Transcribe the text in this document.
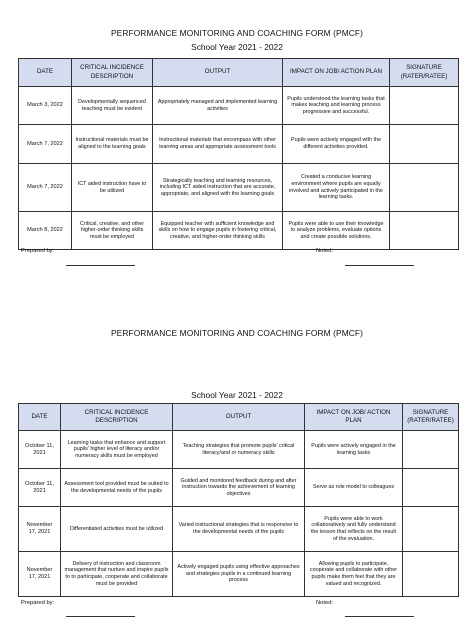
PERFORMANCE MONITORING AND COACHING FORM (PMCF)
School Year 2021 - 2022
DATE	CRITICAL INCIDENCE DESCRIPTION	OUTPUT	IMPACT ON JOB/ ACTION PLAN	SIGNATURE (RATER/RATEE)
March 3, 2022	Developmentally sequenced teaching must be evident	Appropriately managed and implemented learning activities	Pupils understood the learning tasks that makes teaching and learning process progressive and successful.	
March 7, 2022	Instructional materials must be aligned to the learning goals	Instructional materials that encompass with other learning areas and appropriate assessment tools	Pupils were actively engaged with the different activities provided.	
March 7, 2022	ICT aided instruction have to be utilized	Strategically teaching and learning resources, including ICT aided instruction that are accurate, appropriate, and aligned with the learning goals	Created a conducive learning environment where pupils are equally involved and actively participated in the learning tasks.	
March 8, 2022	Critical, creative, and other higher-order thinking skills must be employed	Equipped teacher with sufficient knowledge and skills on how to engage pupils in fostering critical, creative, and higher-order thinking skills	Pupils were able to use their knowledge to analyze problems, evaluate options and create possible solutions.	
Prepared by:	Noted:
PERFORMANCE MONITORING AND COACHING FORM (PMCF)
School Year 2021 - 2022
DATE	CRITICAL INCIDENCE DESCRIPTION	OUTPUT	IMPACT ON JOB/ ACTION PLAN	SIGNATURE (RATER/RATEE)
October 11, 2021	Learning tasks that enhance and support pupils' higher level of literacy and/or numeracy skills must be employed	Teaching strategies that promote pupils' critical literacy/and or numeracy skills	Pupils were actively engaged in the learning tasks	
October 11, 2021	Assessment tool provided must be suited to the developmental needs of the pupils	Guided and monitored feedback during and after instruction towards the achievement of learning objectives	Serve as role model to colleagues	
November 17, 2021	Differentiated activities must be utilized	Varied instructional strategies that is responsive to the developmental needs of the pupils	Pupils were able to work collaboratively and fully understand the lesson that reflects on the result of the evaluation.	
November 17, 2021	Delivery of instruction and classroom management that nurture and inspire pupils to to participate, cooperate and collaborate must be provided	Actively engaged pupils using effective approaches and strategies pupils in a continued learning process	Allowing pupils to participate, cooperate and collaborate with other pupils make them feel that they are valued and recognized.	
Prepared by:	Noted:
